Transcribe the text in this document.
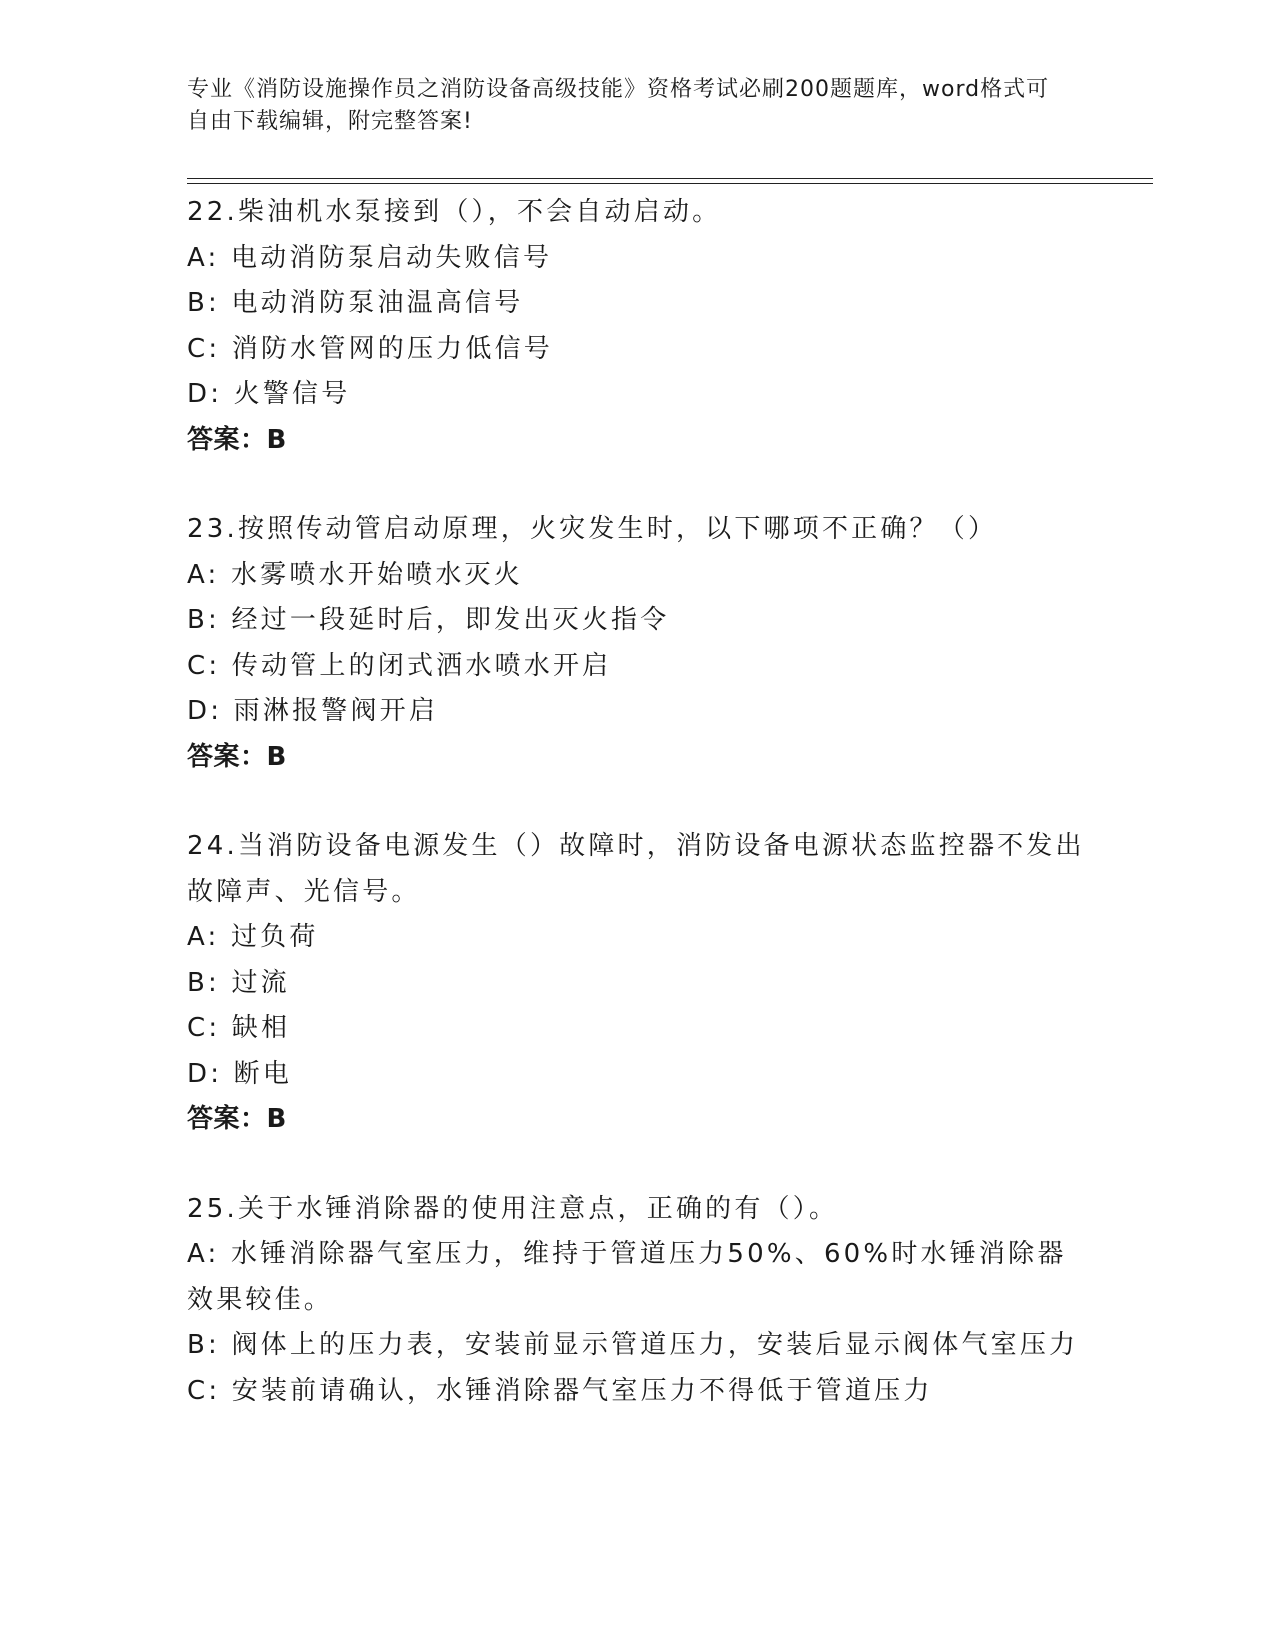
专业《消防设施操作员之消防设备高级技能》资格考试必刷200题题库，word格式可自由下载编辑，附完整答案!
22.柴油机水泵接到（），不会自动启动。
A: 电动消防泵启动失败信号
B: 电动消防泵油温高信号
C: 消防水管网的压力低信号
D: 火警信号
答案：B
23.按照传动管启动原理，火灾发生时，以下哪项不正确？（）
A: 水雾喷水开始喷水灭火
B: 经过一段延时后，即发出灭火指令
C: 传动管上的闭式洒水喷水开启
D: 雨淋报警阀开启
答案：B
24.当消防设备电源发生（）故障时，消防设备电源状态监控器不发出故障声、光信号。
A: 过负荷
B: 过流
C: 缺相
D: 断电
答案：B
25.关于水锤消除器的使用注意点，正确的有（）。
A: 水锤消除器气室压力，维持于管道压力50%、60%时水锤消除器效果较佳。
B: 阀体上的压力表，安装前显示管道压力，安装后显示阀体气室压力
C: 安装前请确认，水锤消除器气室压力不得低于管道压力
